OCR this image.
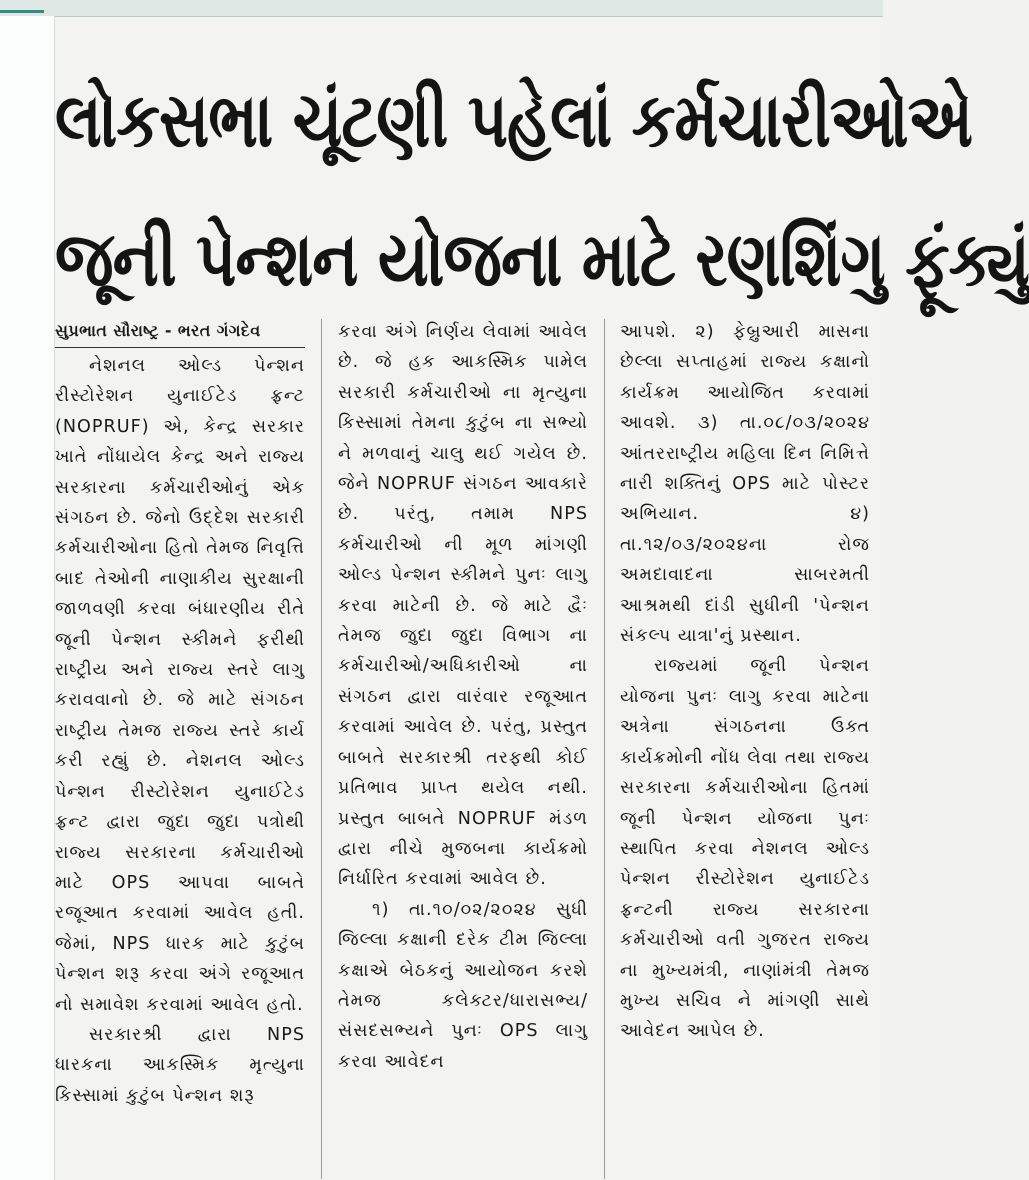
લોકસભા ચૂંટણી પહેલાં કર્મચારીઓએ
જૂની પેન્શન યોજના માટે રણશિંગુ ફૂંક્યું
સુપ્રભાત સૌરાષ્ટ્ર - ભરત ગંગદેવ

નેશનલ ઓલ્ડ પેન્શન રીસ્ટોરેશન યુનાઈટેડ ફ્રન્ટ (NOPRUF) એ, કેન્દ્ર સરકાર ખાતે નોંધાયેલ કેન્દ્ર અને રાજ્ય સરકારના કર્મચારીઓનું એક સંગઠન છે. જેનો ઉદ્દેશ સરકારી કર્મચારીઓના હિતો તેમજ નિવૃત્તિ બાદ તેઓની નાણાકીય સુરક્ષાની જાળવણી કરવા બંધારણીય રીતે જૂની પેન્શન સ્કીમને ફરીથી રાષ્ટ્રીય અને રાજ્ય સ્તરે લાગુ કરાવવાનો છે. જે માટે સંગઠન રાષ્ટ્રીય તેમજ રાજ્ય સ્તરે કાર્ય કરી રહ્યું છે. નેશનલ ઓલ્ડ પેન્શન રીસ્ટોરેશન યુનાઈટેડ ફ્રન્ટ દ્વારા જુદા જુદા પત્રોથી રાજ્ય સરકારના કર્મચારીઓ માટે OPS આપવા બાબતે રજૂઆત કરવામાં આવેલ હતી. જેમાં, NPS ધારક માટે કુટુંબ પેન્શન શરૂ કરવા અંગે રજૂઆત નો સમાવેશ કરવામાં આવેલ હતો.

સરકારશ્રી દ્વારા NPS ધારકના આકસ્મિક મૃત્યુના કિસ્સામાં કુટુંબ પેન્શન શરૂ

કરવા અંગે નિર્ણય લેવામાં આવેલ છે. જે હક આકસ્મિક પામેલ સરકારી કર્મચારીઓ ના મૃત્યુના કિસ્સામાં તેમના કુટુંબ ના સભ્યો ને મળવાનું ચાલુ થઈ ગયેલ છે. જેને NOPRUF સંગઠન આવકારે છે. પરંતુ, તમામ NPS કર્મચારીઓ ની મૂળ માંગણી ઓલ્ડ પેન્શન સ્કીમને પુનઃ લાગુ કરવા માટેની છે. જે માટે દ્વૈઃ તેમજ જુદા જુદા વિભાગ ના કર્મચારીઓ/અધિકારીઓ ના સંગઠન દ્વારા વારંવાર રજૂઆત કરવામાં આવેલ છે. પરંતુ, પ્રસ્તુત બાબતે સરકારશ્રી તરફથી કોઈ પ્રતિભાવ પ્રાપ્ત થયેલ નથી. પ્રસ્તુત બાબતે NOPRUF મંડળ દ્વારા નીચે મુજબના કાર્યક્રમો નિર્ધારિત કરવામાં આવેલ છે.

૧) તા.૧૦/૦૨/૨૦૨૪ સુધી જિલ્લા કક્ષાની દરેક ટીમ જિલ્લા કક્ષાએ બેઠકનું આયોજન કરશે તેમજ કલેક્ટર/ધારાસભ્ય/સંસદસભ્યને પુનઃ OPS લાગુ કરવા આવેદન

આપશે. ૨) ફેબ્રુઆરી માસના છેલ્લા સપ્તાહમાં રાજ્ય કક્ષાનો કાર્યક્રમ આયોજિત કરવામાં આવશે. ૩) તા.૦૮/૦૩/૨૦૨૪ આંતરરાષ્ટ્રીય મહિલા દિન નિમિત્તે નારી શક્તિનું OPS માટે પોસ્ટર અભિયાન. ૪) તા.૧૨/૦૩/૨૦૨૪ના રોજ અમદાવાદના સાબરમતી આશ્રમથી દાંડી સુધીની 'પેન્શન સંકલ્પ યાત્રા'નું પ્રસ્થાન.

રાજ્યમાં જૂની પેન્શન યોજના પુનઃ લાગુ કરવા માટેના અત્રેના સંગઠનના ઉક્ત કાર્યક્રમોની નોંધ લેવા તથા રાજ્ય સરકારના કર્મચારીઓના હિતમાં જૂની પેન્શન યોજના પુનઃ સ્થાપિત કરવા નેશનલ ઓલ્ડ પેન્શન રીસ્ટોરેશન યુનાઈટેડ ફ્રન્ટની રાજ્ય સરકારના કર્મચારીઓ વતી ગુજરત રાજ્ય ના મુખ્યમંત્રી, નાણાંમંત્રી તેમજ મુખ્ય સચિવ ને માંગણી સાથે આવેદન આપેલ છે.
